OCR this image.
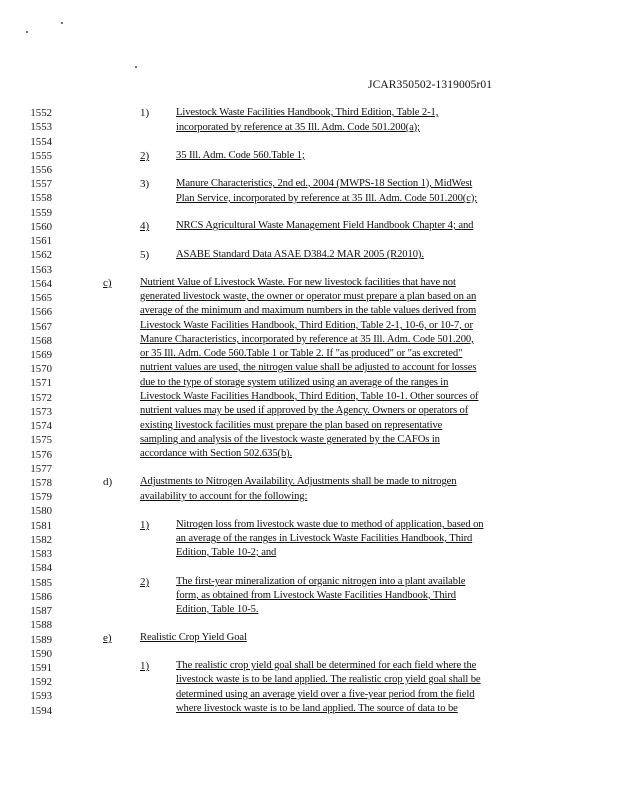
JCAR350502-1319005r01
1552
1553
1554
1555
1556
1557
1558
1559
1560
1561
1562
1563
1564
1565
1566
1567
1568
1569
1570
1571
1572
1573
1574
1575
1576
1577
1578
1579
1580
1581
1582
1583
1584
1585
1586
1587
1588
1589
1590
1591
1592
1593
1594
1)	Livestock Waste Facilities Handbook, Third Edition, Table 2-1,
incorporated by reference at 35 Ill. Adm. Code 501.200(a);
2)	35 Ill. Adm. Code 560.Table 1;
3)	Manure Characteristics, 2nd ed., 2004 (MWPS-18 Section 1), MidWest
Plan Service, incorporated by reference at 35 Ill. Adm. Code 501.200(c);
4)	NRCS Agricultural Waste Management Field Handbook Chapter 4; and
5)	ASABE Standard Data ASAE D384.2 MAR 2005 (R2010).
c)	Nutrient Value of Livestock Waste. For new livestock facilities that have not
generated livestock waste, the owner or operator must prepare a plan based on an
average of the minimum and maximum numbers in the table values derived from
Livestock Waste Facilities Handbook, Third Edition, Table 2-1, 10-6, or 10-7, or
Manure Characteristics, incorporated by reference at 35 Ill. Adm. Code 501.200,
or 35 Ill. Adm. Code 560.Table 1 or Table 2. If "as produced" or "as excreted"
nutrient values are used, the nitrogen value shall be adjusted to account for losses
due to the type of storage system utilized using an average of the ranges in
Livestock Waste Facilities Handbook, Third Edition, Table 10-1. Other sources of
nutrient values may be used if approved by the Agency. Owners or operators of
existing livestock facilities must prepare the plan based on representative
sampling and analysis of the livestock waste generated by the CAFOs in
accordance with Section 502.635(b).
d)	Adjustments to Nitrogen Availability. Adjustments shall be made to nitrogen
availability to account for the following:
1)	Nitrogen loss from livestock waste due to method of application, based on
an average of the ranges in Livestock Waste Facilities Handbook, Third
Edition, Table 10-2; and
2)	The first-year mineralization of organic nitrogen into a plant available
form, as obtained from Livestock Waste Facilities Handbook, Third
Edition, Table 10-5.
e)	Realistic Crop Yield Goal
1)	The realistic crop yield goal shall be determined for each field where the
livestock waste is to be land applied. The realistic crop yield goal shall be
determined using an average yield over a five-year period from the field
where livestock waste is to be land applied. The source of data to be
